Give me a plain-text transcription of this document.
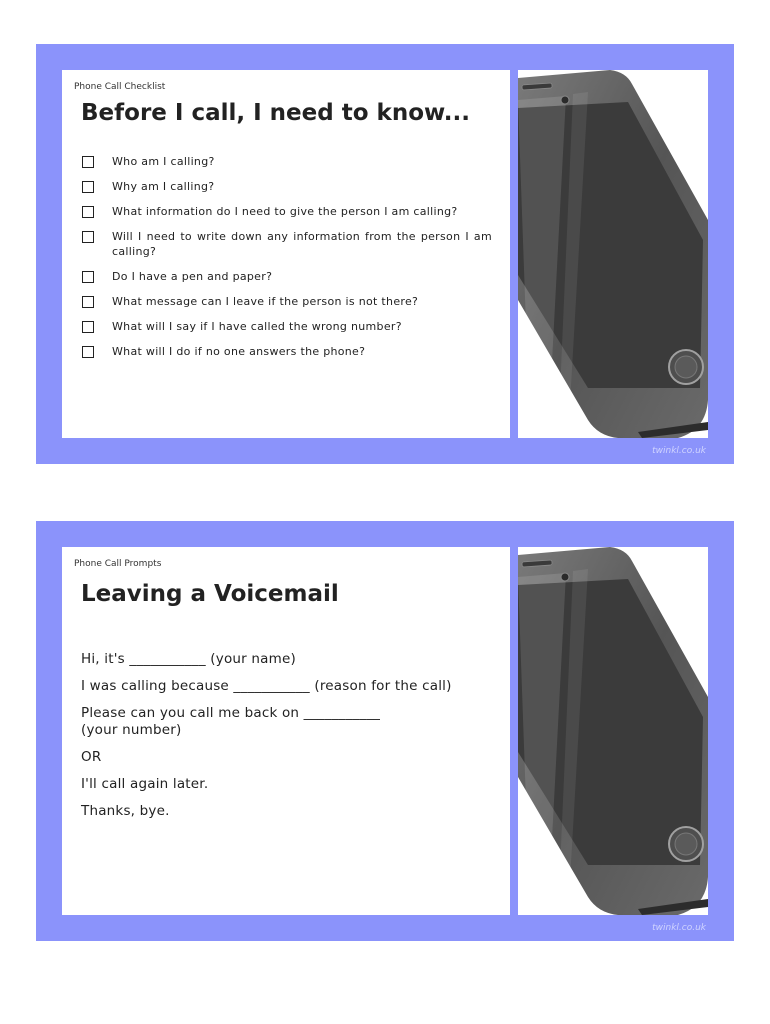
Phone Call Checklist
Before I call, I need to know...
Who am I calling?
Why am I calling?
What information do I need to give the person I am calling?
Will I need to write down any information from the person I am calling?
Do I have a pen and paper?
What message can I leave if the person is not there?
What will I say if I have called the wrong number?
What will I do if no one answers the phone?
twinkl.co.uk
Phone Call Prompts
Leaving a Voicemail
Hi, it's ___________ (your name)
I was calling because ___________ (reason for the call)
Please can you call me back on ___________ (your number)
OR
I'll call again later.
Thanks, bye.
twinkl.co.uk
